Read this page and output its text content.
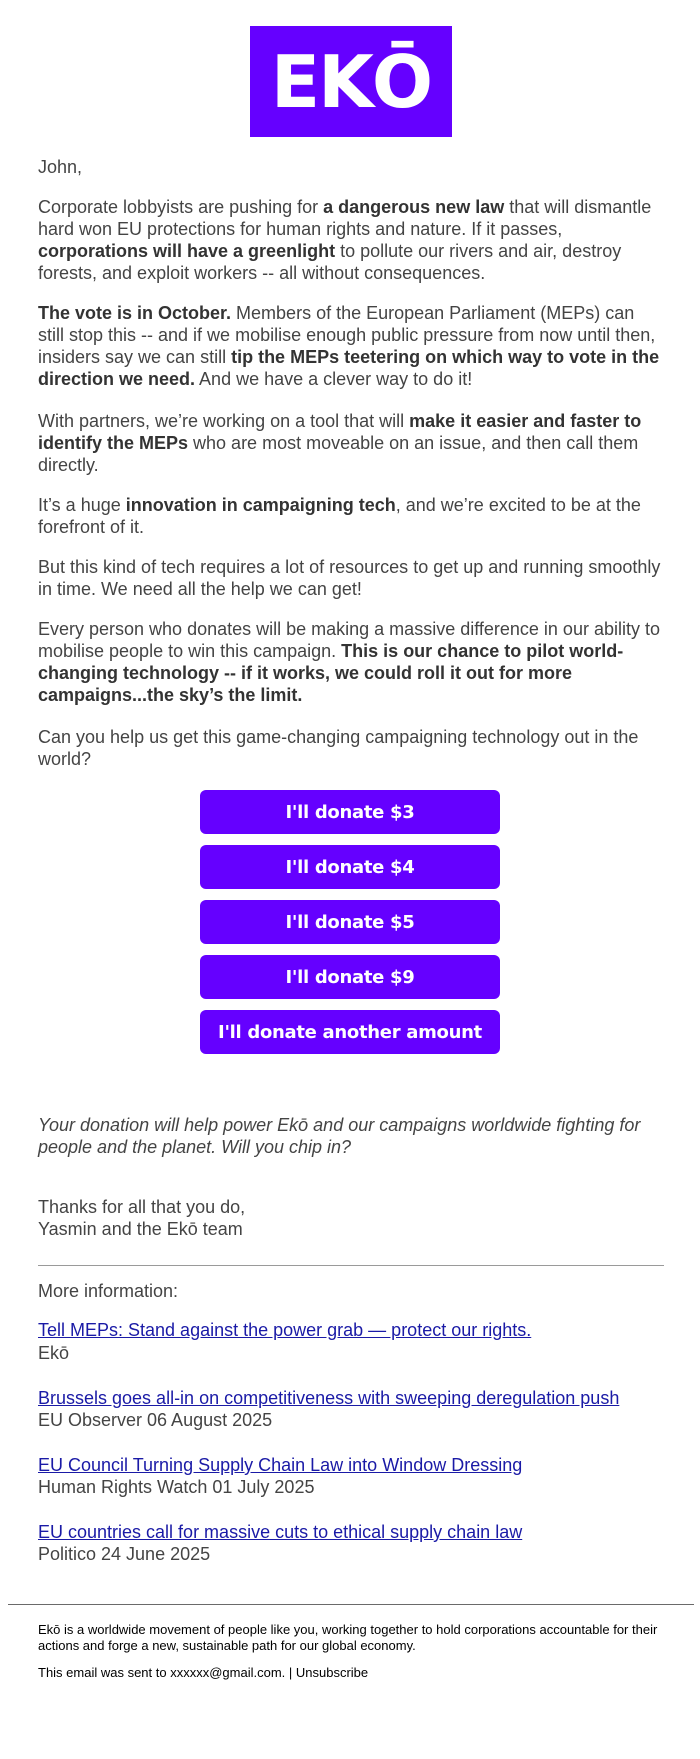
EKŌ
John,
Corporate lobbyists are pushing for a dangerous new law that will dismantle hard won EU protections for human rights and nature. If it passes, corporations will have a greenlight to pollute our rivers and air, destroy forests, and exploit workers -- all without consequences.
The vote is in October. Members of the European Parliament (MEPs) can still stop this -- and if we mobilise enough public pressure from now until then, insiders say we can still tip the MEPs teetering on which way to vote in the direction we need. And we have a clever way to do it!
With partners, we’re working on a tool that will make it easier and faster to identify the MEPs who are most moveable on an issue, and then call them directly.
It’s a huge innovation in campaigning tech, and we’re excited to be at the forefront of it.
But this kind of tech requires a lot of resources to get up and running smoothly in time. We need all the help we can get!
Every person who donates will be making a massive difference in our ability to mobilise people to win this campaign. This is our chance to pilot world-changing technology -- if it works, we could roll it out for more campaigns...the sky’s the limit.
Can you help us get this game-changing campaigning technology out in the world?
I'll donate $3
I'll donate $4
I'll donate $5
I'll donate $9
I'll donate another amount
Your donation will help power Ekō and our campaigns worldwide fighting for people and the planet. Will you chip in?
Thanks for all that you do,
Yasmin and the Ekō team
More information:
Tell MEPs: Stand against the power grab — protect our rights.
Ekō
Brussels goes all-in on competitiveness with sweeping deregulation push
EU Observer 06 August 2025
EU Council Turning Supply Chain Law into Window Dressing
Human Rights Watch 01 July 2025
EU countries call for massive cuts to ethical supply chain law
Politico 24 June 2025
Ekō is a worldwide movement of people like you, working together to hold corporations accountable for their actions and forge a new, sustainable path for our global economy.
This email was sent to xxxxxx@gmail.com. | Unsubscribe
